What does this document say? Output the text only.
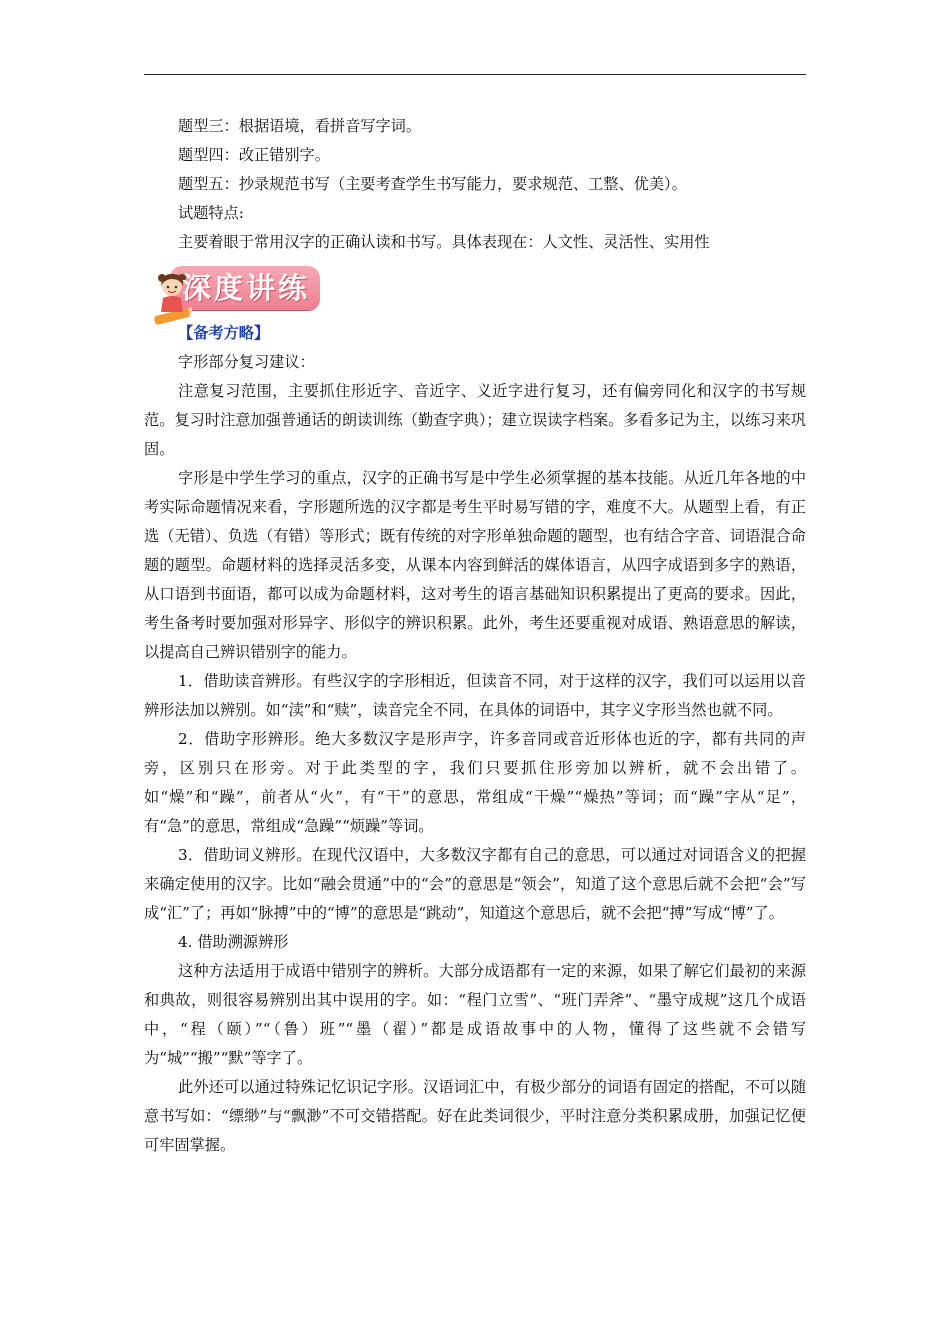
题型三：根据语境，看拼音写字词。

题型四：改正错别字。

题型五：抄录规范书写（主要考查学生书写能力，要求规范、工整、优美）。

试题特点:

主要着眼于常用汉字的正确认读和书写。具体表现在：人文性、灵活性、实用性

深度讲练

【备考方略】

字形部分复习建议：

注意复习范围，主要抓住形近字、音近字、义近字进行复习，还有偏旁同化和汉字的书写规范。复习时注意加强普通话的朗读训练（勤查字典）；建立误读字档案。多看多记为主，以练习来巩固。

字形是中学生学习的重点，汉字的正确书写是中学生必须掌握的基本技能。从近几年各地的中考实际命题情况来看，字形题所选的汉字都是考生平时易写错的字，难度不大。从题型上看，有正选（无错）、负选（有错）等形式；既有传统的对字形单独命题的题型，也有结合字音、词语混合命题的题型。命题材料的选择灵活多变，从课本内容到鲜活的媒体语言，从四字成语到多字的熟语，从口语到书面语，都可以成为命题材料，这对考生的语言基础知识积累提出了更高的要求。因此，考生备考时要加强对形异字、形似字的辨识积累。此外，考生还要重视对成语、熟语意思的解读，以提高自己辨识错别字的能力。

1．借助读音辨形。有些汉字的字形相近，但读音不同，对于这样的汉字，我们可以运用以音辨形法加以辨别。如“渎”和“赎”，读音完全不同，在具体的词语中，其字义字形当然也就不同。

2．借助字形辨形。绝大多数汉字是形声字，许多音同或音近形体也近的字，都有共同的声旁，区别只在形旁。对于此类型的字，我们只要抓住形旁加以辨析，就不会出错了。如“燥”和“躁”，前者从“火”，有“干”的意思，常组成“干燥”“燥热”等词；而“躁”字从“足”，有“急”的意思，常组成“急躁”“烦躁”等词。

3．借助词义辨形。在现代汉语中，大多数汉字都有自己的意思，可以通过对词语含义的把握来确定使用的汉字。比如“融会贯通”中的“会”的意思是“领会”，知道了这个意思后就不会把“会”写成“汇”了；再如“脉搏”中的“博”的意思是“跳动”，知道这个意思后，就不会把“搏”写成“博”了。

4. 借助溯源辨形

这种方法适用于成语中错别字的辨析。大部分成语都有一定的来源，如果了解它们最初的来源和典故，则很容易辨别出其中误用的字。如：“程门立雪”、“班门弄斧”、“墨守成规”这几个成语中，“程（颐）”“（鲁）班”“墨（翟）”都是成语故事中的人物，懂得了这些就不会错写为“城”“搬”“默”等字了。

此外还可以通过特殊记忆识记字形。汉语词汇中，有极少部分的词语有固定的搭配，不可以随意书写如：“缥缈”与“飘渺”不可交错搭配。好在此类词很少，平时注意分类积累成册，加强记忆便可牢固掌握。
